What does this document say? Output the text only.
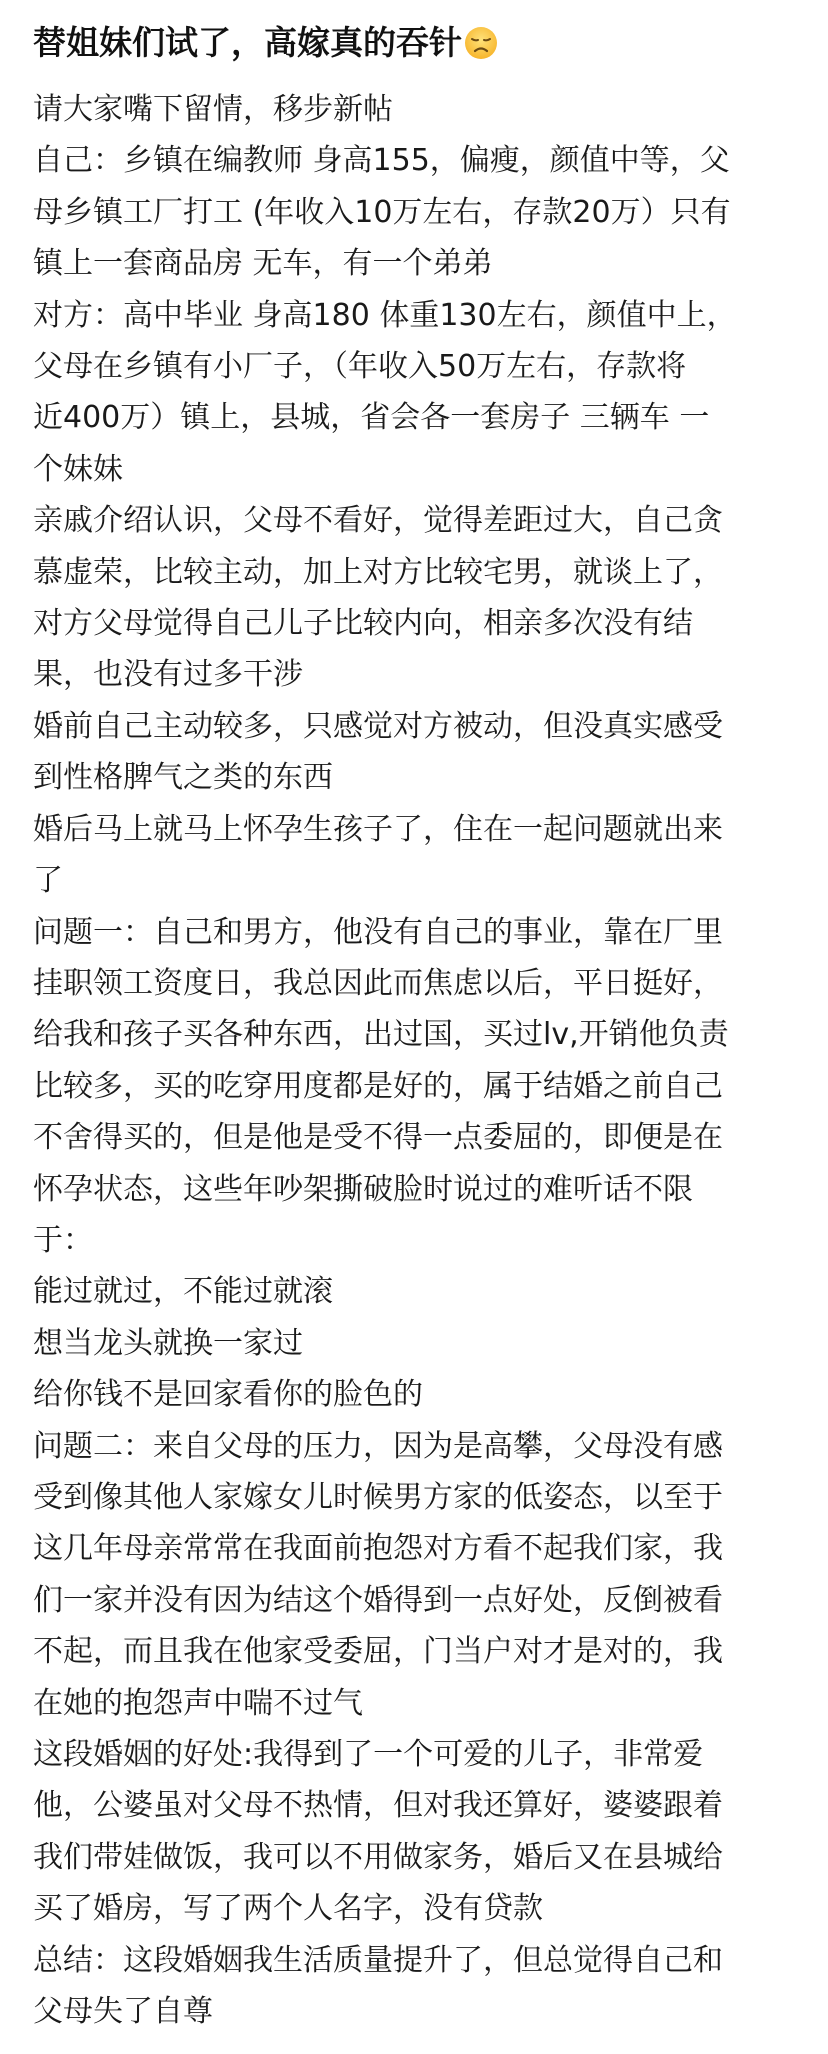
替姐妹们试了，高嫁真的吞针
请大家嘴下留情，移步新帖
自己：乡镇在编教师 身高155，偏瘦，颜值中等，父
母乡镇工厂打工 (年收入10万左右，存款20万）只有
镇上一套商品房 无车，有一个弟弟
对方：高中毕业 身高180 体重130左右，颜值中上，
父母在乡镇有小厂子，（年收入50万左右，存款将
近400万）镇上，县城，省会各一套房子 三辆车 一
个妹妹
亲戚介绍认识，父母不看好，觉得差距过大，自己贪
慕虚荣，比较主动，加上对方比较宅男，就谈上了，
对方父母觉得自己儿子比较内向，相亲多次没有结
果，也没有过多干涉
婚前自己主动较多，只感觉对方被动，但没真实感受
到性格脾气之类的东西
婚后马上就马上怀孕生孩子了，住在一起问题就出来
了
问题一：自己和男方，他没有自己的事业，靠在厂里
挂职领工资度日，我总因此而焦虑以后，平日挺好，
给我和孩子买各种东西，出过国，买过lv,开销他负责
比较多，买的吃穿用度都是好的，属于结婚之前自己
不舍得买的，但是他是受不得一点委屈的，即便是在
怀孕状态，这些年吵架撕破脸时说过的难听话不限
于：
能过就过，不能过就滚
想当龙头就换一家过
给你钱不是回家看你的脸色的
问题二：来自父母的压力，因为是高攀，父母没有感
受到像其他人家嫁女儿时候男方家的低姿态，以至于
这几年母亲常常在我面前抱怨对方看不起我们家，我
们一家并没有因为结这个婚得到一点好处，反倒被看
不起，而且我在他家受委屈，门当户对才是对的，我
在她的抱怨声中喘不过气
这段婚姻的好处:我得到了一个可爱的儿子，非常爱
他，公婆虽对父母不热情，但对我还算好，婆婆跟着
我们带娃做饭，我可以不用做家务，婚后又在县城给
买了婚房，写了两个人名字，没有贷款
总结：这段婚姻我生活质量提升了，但总觉得自己和
父母失了自尊
